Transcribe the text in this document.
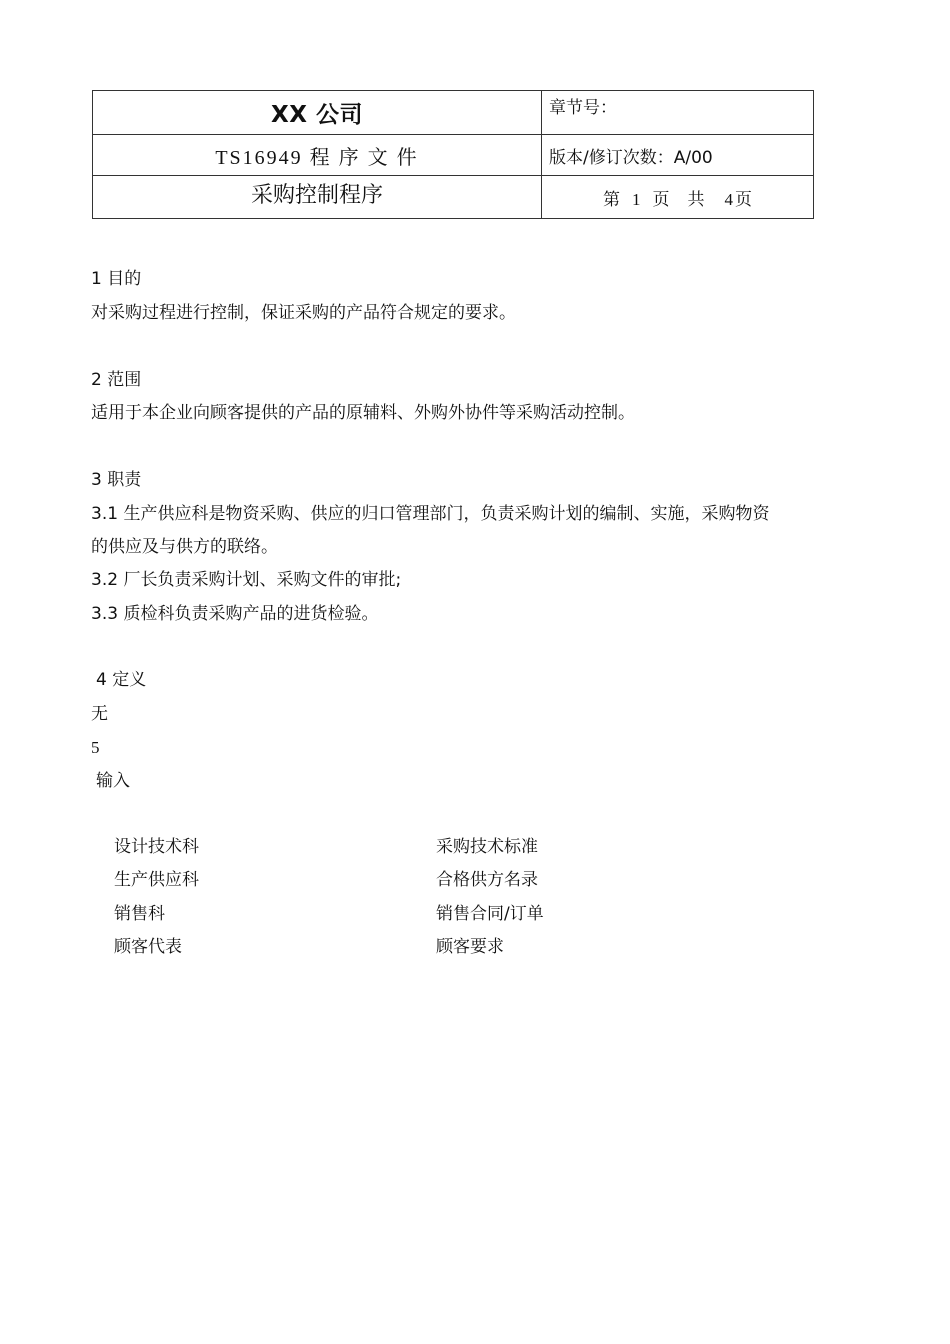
XX 公司	章节号：
TS16949 程 序 文 件	版本/修订次数：A/00
采购控制程序	第 1 页 共 4 页
1 目的
对采购过程进行控制，保证采购的产品符合规定的要求。
2 范围
适用于本企业向顾客提供的产品的原辅料、外购外协件等采购活动控制。
3 职责
3.1 生产供应科是物资采购、供应的归口管理部门，负责采购计划的编制、实施，采购物资
的供应及与供方的联络。
3.2 厂长负责采购计划、采购文件的审批;
3.3 质检科负责采购产品的进货检验。
4 定义
无
5
输入
设计技术科	采购技术标准
生产供应科	合格供方名录
销售科	销售合同/订单
顾客代表	顾客要求
